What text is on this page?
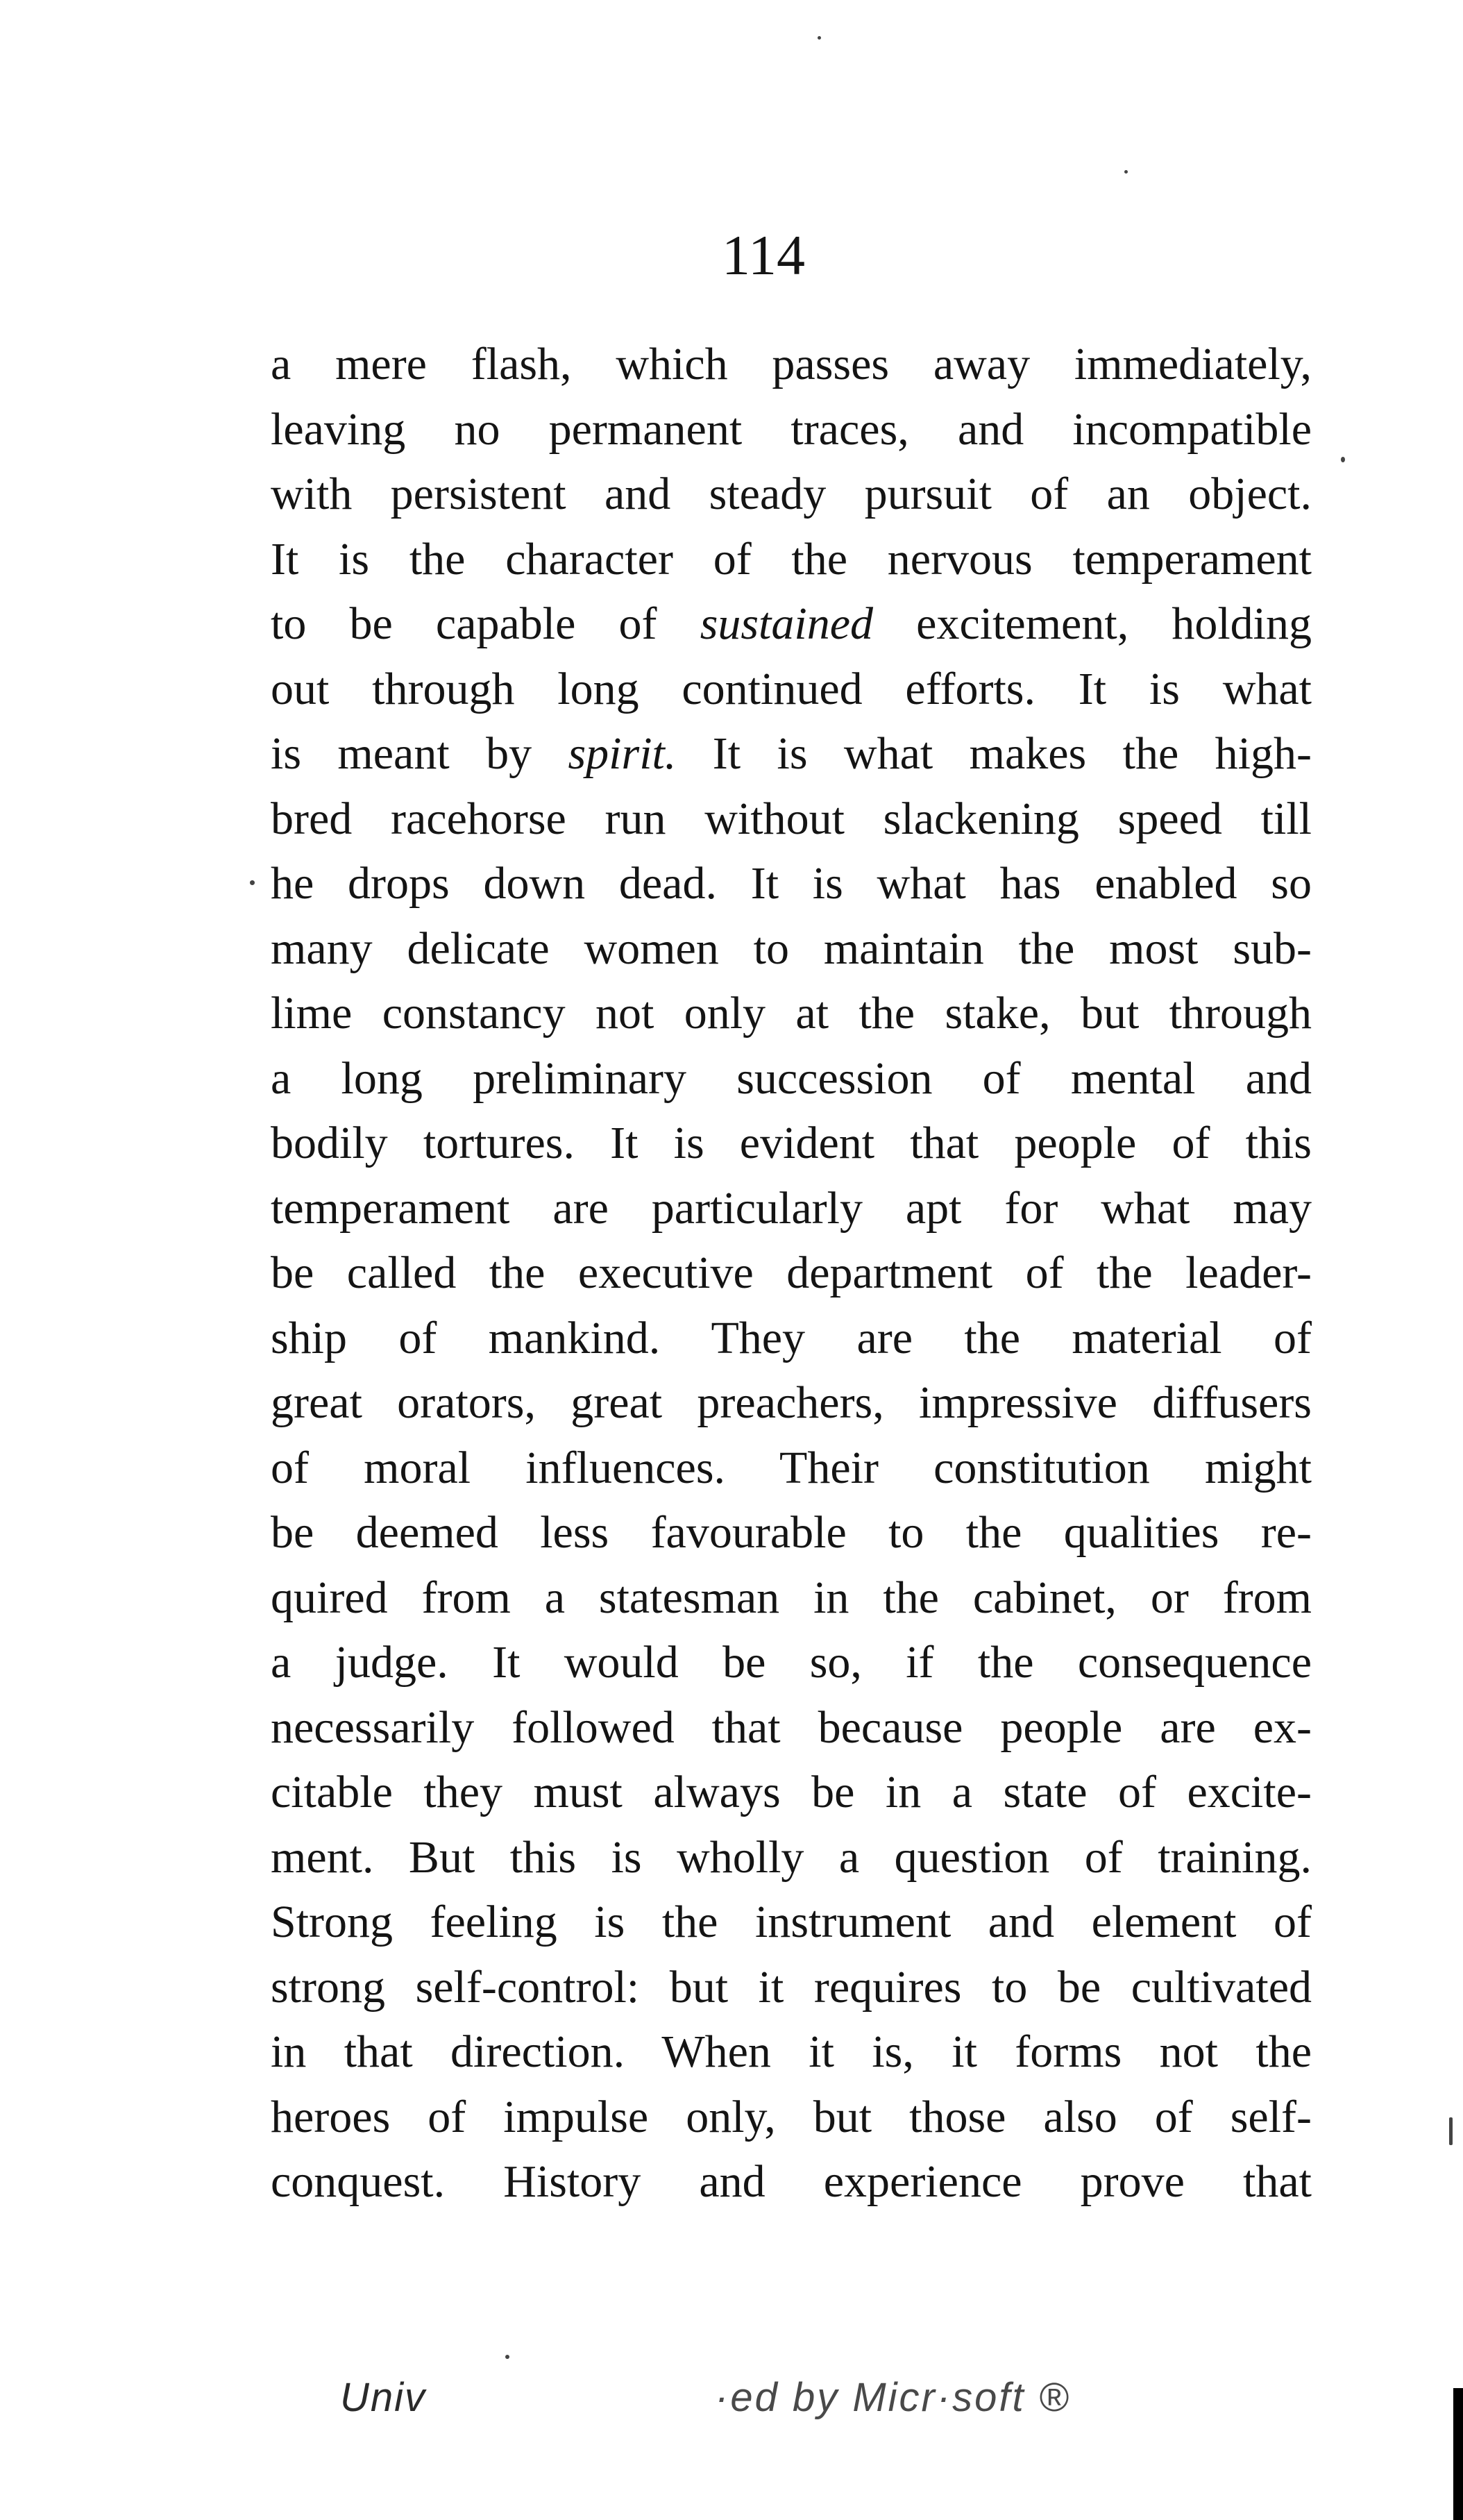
114
a mere flash, which passes away immediately,
leaving no permanent traces, and incompatible
with persistent and steady pursuit of an object.
It is the character of the nervous temperament
to be capable of sustained excitement, holding
out through long continued efforts. It is what
is meant by spirit. It is what makes the high-
bred racehorse run without slackening speed till
he drops down dead. It is what has enabled so
many delicate women to maintain the most sub-
lime constancy not only at the stake, but through
a long preliminary succession of mental and
bodily tortures. It is evident that people of this
temperament are particularly apt for what may
be called the executive department of the leader-
ship of mankind. They are the material of
great orators, great preachers, impressive diffusers
of moral influences. Their constitution might
be deemed less favourable to the qualities re-
quired from a statesman in the cabinet, or from
a judge. It would be so, if the consequence
necessarily followed that because people are ex-
citable they must always be in a state of excite-
ment. But this is wholly a question of training.
Strong feeling is the instrument and element of
strong self-control: but it requires to be cultivated
in that direction. When it is, it forms not the
heroes of impulse only, but those also of self-
conquest. History and experience prove that
Univ	·ed by Micr·soft ®
